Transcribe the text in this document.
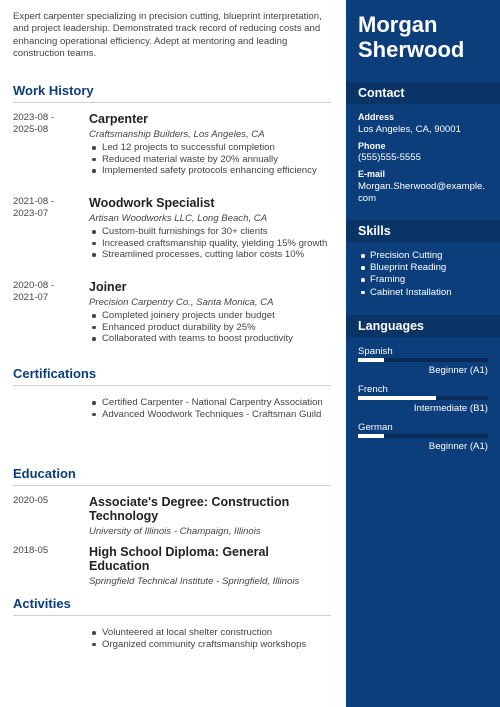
Expert carpenter specializing in precision cutting, blueprint interpretation, and project leadership. Demonstrated track record of reducing costs and enhancing operational efficiency. Adept at mentoring and leading construction teams.

Work History
2023-08 -
2025-08
Carpenter
Craftsmanship Builders, Los Angeles, CA
Led 12 projects to successful completion
Reduced material waste by 20% annually
Implemented safety protocols enhancing efficiency
2021-08 -
2023-07
Woodwork Specialist
Artisan Woodworks LLC, Long Beach, CA
Custom-built furnishings for 30+ clients
Increased craftsmanship quality, yielding 15% growth
Streamlined processes, cutting labor costs 10%
2020-08 -
2021-07
Joiner
Precision Carpentry Co., Santa Monica, CA
Completed joinery projects under budget
Enhanced product durability by 25%
Collaborated with teams to boost productivity
Certifications
Certified Carpenter - National Carpentry Association
Advanced Woodwork Techniques - Craftsman Guild
Education
2020-05	Associate's Degree: Construction Technology
University of Illinois - Champaign, Illinois
2018-05	High School Diploma: General Education
Springfield Technical Institute - Springfield, Illinois
Activities
Volunteered at local shelter construction
Organized community craftsmanship workshops
Morgan Sherwood
Contact
Address
Los Angeles, CA, 90001
Phone
(555)555-5555
E-mail
Morgan.Sherwood@example.com
Skills
Precision Cutting
Blueprint Reading
Framing
Cabinet Installation
Languages
Spanish
Beginner (A1)
French
Intermediate (B1)
German
Beginner (A1)
